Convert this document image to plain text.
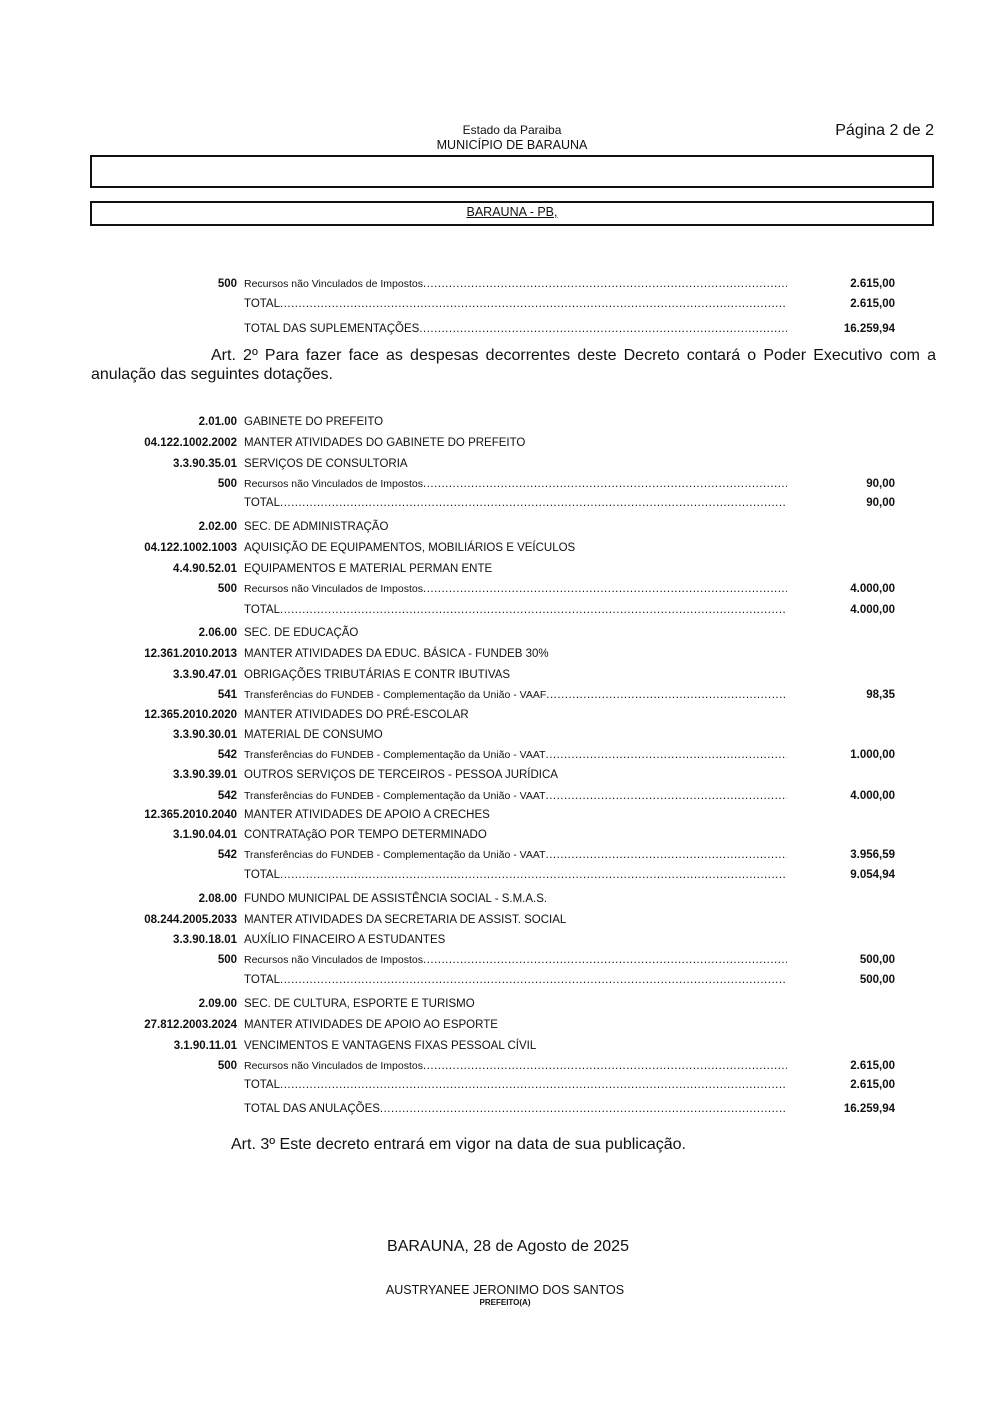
Estado da Paraiba
MUNICÍPIO DE BARAUNA
Página 2 de 2
BARAUNA - PB,
500 Recursos não Vinculados de Impostos .....	2.615,00
TOTAL .....	2.615,00
TOTAL DAS SUPLEMENTAÇÕES .....	16.259,94
Art. 2º Para fazer face as despesas decorrentes deste Decreto contará o Poder Executivo com a anulação das seguintes dotações.
2.01.00 GABINETE DO PREFEITO
04.122.1002.2002 MANTER ATIVIDADES DO GABINETE DO PREFEITO
3.3.90.35.01 SERVIÇOS DE CONSULTORIA
500 Recursos não Vinculados de Impostos .....	90,00
TOTAL .....	90,00
2.02.00 SEC. DE ADMINISTRAÇÃO
04.122.1002.1003 AQUISIÇÃO DE EQUIPAMENTOS, MOBILIÁRIOS E VEÍCULOS
4.4.90.52.01 EQUIPAMENTOS E MATERIAL PERMAN ENTE
500 Recursos não Vinculados de Impostos .....	4.000,00
TOTAL .....	4.000,00
2.06.00 SEC. DE EDUCAÇÃO
12.361.2010.2013 MANTER ATIVIDADES DA EDUC. BÁSICA - FUNDEB 30%
3.3.90.47.01 OBRIGAÇÕES TRIBUTÁRIAS E CONTR IBUTIVAS
541 Transferências do FUNDEB - Complementação da União - VAAF .....	98,35
12.365.2010.2020 MANTER ATIVIDADES DO PRÉ-ESCOLAR
3.3.90.30.01 MATERIAL DE CONSUMO
542 Transferências do FUNDEB - Complementação da União - VAAT .....	1.000,00
3.3.90.39.01 OUTROS SERVIÇOS DE TERCEIROS - PESSOA JURÍDICA
542 Transferências do FUNDEB - Complementação da União - VAAT .....	4.000,00
12.365.2010.2040 MANTER ATIVIDADES DE APOIO A CRECHES
3.1.90.04.01 CONTRATAçãO POR TEMPO DETERMINADO
542 Transferências do FUNDEB - Complementação da União - VAAT .....	3.956,59
TOTAL .....	9.054,94
2.08.00 FUNDO MUNICIPAL DE ASSISTÊNCIA SOCIAL - S.M.A.S.
08.244.2005.2033 MANTER ATIVIDADES DA SECRETARIA DE ASSIST. SOCIAL
3.3.90.18.01 AUXÍLIO FINACEIRO A ESTUDANTES
500 Recursos não Vinculados de Impostos .....	500,00
TOTAL .....	500,00
2.09.00 SEC. DE CULTURA, ESPORTE E TURISMO
27.812.2003.2024 MANTER ATIVIDADES DE APOIO AO ESPORTE
3.1.90.11.01 VENCIMENTOS E VANTAGENS FIXAS PESSOAL CÍVIL
500 Recursos não Vinculados de Impostos .....	2.615,00
TOTAL .....	2.615,00
TOTAL DAS ANULAÇÕES .....	16.259,94
Art. 3º Este decreto entrará em vigor na data de sua publicação.
BARAUNA, 28 de Agosto de 2025
AUSTRYANEE JERONIMO DOS SANTOS
PREFEITO(A)
